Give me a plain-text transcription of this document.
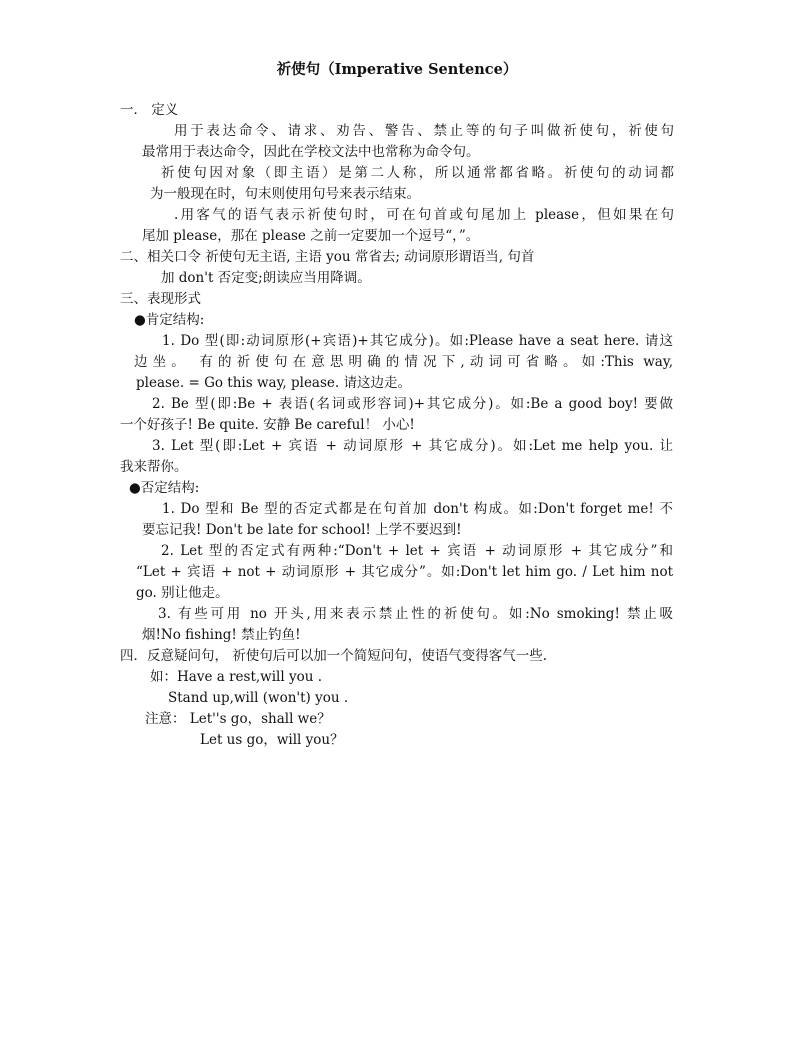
祈使句（Imperative Sentence）
一． 定义
用于表达命令、请求、劝告、警告、禁止等的句子叫做祈使句，祈使句
最常用于表达命令，因此在学校文法中也常称为命令句。
祈使句因对象（即主语）是第二人称，所以通常都省略。祈使句的动词都
为一般现在时，句末则使用句号来表示结束。
.用客气的语气表示祈使句时，可在句首或句尾加上 please，但如果在句
尾加 please，那在 please 之前一定要加一个逗号“，”。
二、相关口令 祈使句无主语, 主语 you 常省去; 动词原形谓语当, 句首
加 don't 否定变;朗读应当用降调。
三、表现形式
●肯定结构:
1. Do 型(即:动词原形(+宾语)+其它成分)。如:Please have a seat here. 请这
边坐。 有的祈使句在意思明确的情况下,动词可省略。如:This way,
please. = Go this way, please. 请这边走。
2. Be 型(即:Be + 表语(名词或形容词)+其它成分)。如:Be a good boy! 要做
一个好孩子! Be quite. 安静 Be careful！ 小心!
3. Let 型(即:Let + 宾语 + 动词原形 + 其它成分)。如:Let me help you. 让
我来帮你。
●否定结构:
1. Do 型和 Be 型的否定式都是在句首加 don't 构成。如:Don't forget me! 不
要忘记我! Don't be late for school! 上学不要迟到!
2. Let 型的否定式有两种:“Don't + let + 宾语 + 动词原形 + 其它成分”和
“Let + 宾语 + not + 动词原形 + 其它成分”。如:Don't let him go. / Let him not
go. 别让他走。
3. 有些可用 no 开头,用来表示禁止性的祈使句。如:No smoking! 禁止吸
烟!No fishing! 禁止钓鱼!
四．反意疑问句， 祈使句后可以加一个简短问句，使语气变得客气一些.
如：Have a rest,will you .
Stand up,will (won't) you .
注意： Let''s go，shall we？
Let us go，will you？
